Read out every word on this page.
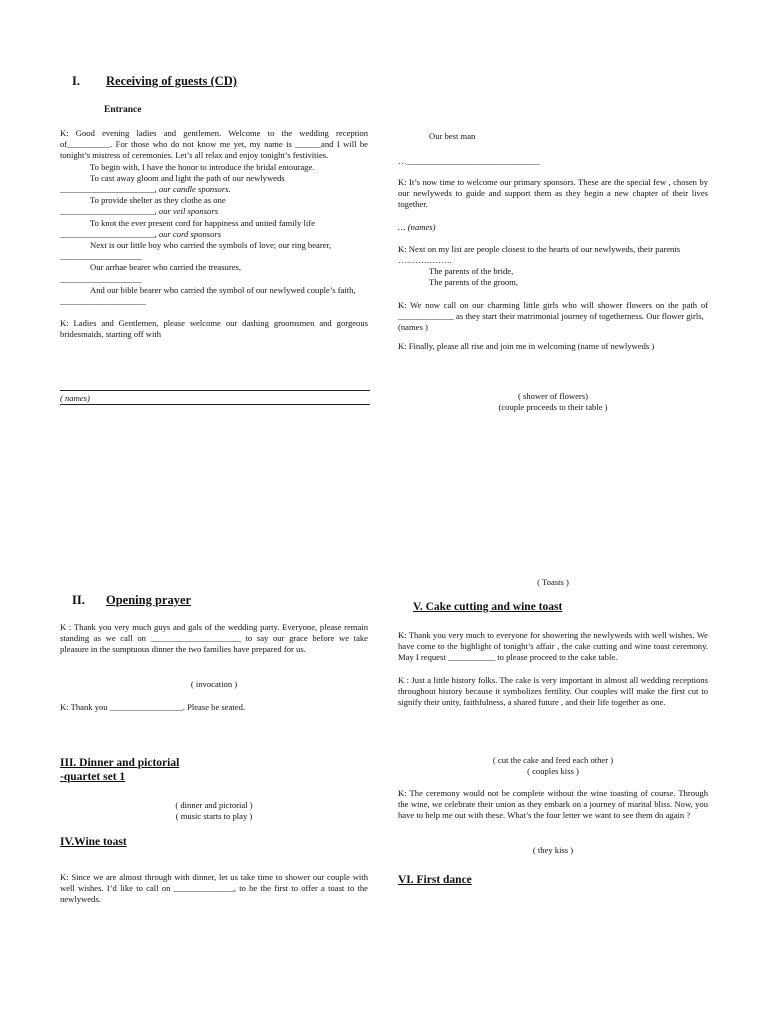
I. Receiving of guests (CD)
Entrance

K: Good evening ladies and gentlemen. Welcome to the wedding reception of__________. For those who do not know me yet, my name is ______and I will be tonight’s mistress of ceremonies. Let’s all relax and enjoy tonight’s festivities.

To begin with, I have the honor to introduce the bridal entourage.

To cast away gloom and light the path of our newlyweds

______________________, our candle sponsors.

To provide shelter as they clothe as one

______________________, our veil sponsors

To knot the ever present cord for happiness and united family life

______________________, our cord sponsors

Next is our little boy who carried the symbols of love; our ring bearer,

___________________

Our arrhae bearer who carried the treasures,

___________________

And our bible bearer who carried the symbol of our newlywed couple’s faith,

____________________

K: Ladies and Gentlemen, please welcome our dashing groomsmen and gorgeous bridesmaids, starting off with

( names)
II. Opening prayer

K : Thank you very much guys and gals of the wedding party. Everyone, please remain standing as we call on _____________________ to say our grace before we take pleasure in the sumptuous dinner the two families have prepared for us.

( invocation )
K: Thank you _________________. Please be seated.
III. Dinner and pictorial
-quartet set 1
( dinner and pictorial )
( music starts to play )
IV.Wine toast

K: Since we are almost through with dinner, let us take time to shower our couple with well wishes. I’d like to call on ______________, to be the first to offer a toast to the newlyweds.

Our best man
…_______________________________

K: It’s now time to welcome our primary sponsors. These are the special few , chosen by our newlyweds to guide and support them as they begin a new chapter of their lives together.

… (names)

K: Next on my list are people closest to the hearts of our newlyweds, their parents

……………….

The parents of the bride,

The parents of the groom,

K: We now call on our charming little girls who will shower flowers on the path of _____________ as they start their matrimonial journey of togetherness. Our flower girls,

(names )

K: Finally, please all rise and join me in welcoming (name of newlyweds )

( shower of flowers)
(couple proceeds to their table )
( Toasts )
V. Cake cutting and wine toast

K: Thank you very much to everyone for showering the newlyweds with well wishes. We have come to the highlight of tonight’s affair , the cake cutting and wine toast ceremony. May I request ___________ to please proceed to the cake table.

K : Just a little history folks. The cake is very important in almost all wedding receptions throughout history because it symbolizes fertility. Our couples will make the first cut to signify their unity, faithfulness, a shared future , and their life together as one.

( cut the cake and feed each other )
( couples kiss )

K: The ceremony would not be complete without the wine toasting of course. Through the wine, we celebrate their union as they embark on a journey of marital bliss. Now, you have to help me out with these. What’s the four letter we want to see them do again ?

( they kiss )
VI. First dance
